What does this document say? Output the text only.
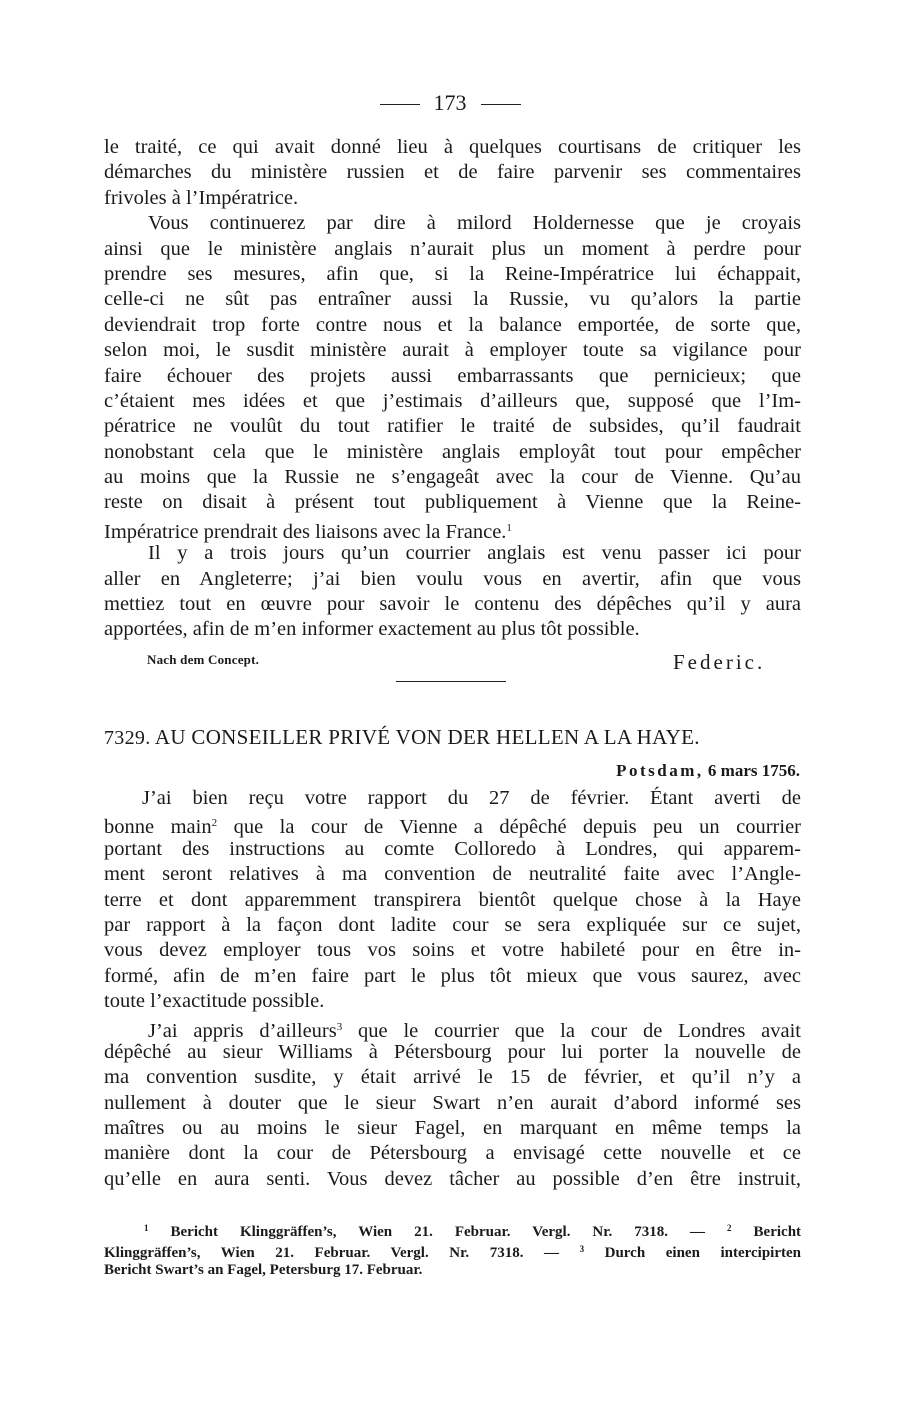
173
le traité, ce qui avait donné lieu à quelques courtisans de critiquer les
démarches du ministère russien et de faire parvenir ses commentaires
frivoles à l’Impératrice.
Vous continuerez par dire à milord Holdernesse que je croyais
ainsi que le ministère anglais n’aurait plus un moment à perdre pour
prendre ses mesures, afin que, si la Reine-Impératrice lui échappait,
celle-ci ne sût pas entraîner aussi la Russie, vu qu’alors la partie
deviendrait trop forte contre nous et la balance emportée, de sorte que,
selon moi, le susdit ministère aurait à employer toute sa vigilance pour
faire échouer des projets aussi embarrassants que pernicieux; que
c’étaient mes idées et que j’estimais d’ailleurs que, supposé que l’Im-
pératrice ne voulût du tout ratifier le traité de subsides, qu’il faudrait
nonobstant cela que le ministère anglais employât tout pour empêcher
au moins que la Russie ne s’engageât avec la cour de Vienne. Qu’au
reste on disait à présent tout publiquement à Vienne que la Reine-
Impératrice prendrait des liaisons avec la France.$^1$
Il y a trois jours qu’un courrier anglais est venu passer ici pour
aller en Angleterre; j’ai bien voulu vous en avertir, afin que vous
mettiez tout en œuvre pour savoir le contenu des dépêches qu’il y aura
apportées, afin de m’en informer exactement au plus tôt possible.
Nach dem Concept.	Federic.
7329. AU CONSEILLER PRIVÉ VON DER HELLEN A LA HAYE.
Potsdam, 6 mars 1756.
J’ai bien reçu votre rapport du 27 de février. Étant averti de
bonne main$^2$ que la cour de Vienne a dépêché depuis peu un courrier
portant des instructions au comte Colloredo à Londres, qui apparem-
ment seront relatives à ma convention de neutralité faite avec l’Angle-
terre et dont apparemment transpirera bientôt quelque chose à la Haye
par rapport à la façon dont ladite cour se sera expliquée sur ce sujet,
vous devez employer tous vos soins et votre habileté pour en être in-
formé, afin de m’en faire part le plus tôt mieux que vous saurez, avec
toute l’exactitude possible.
J’ai appris d’ailleurs$^3$ que le courrier que la cour de Londres avait
dépêché au sieur Williams à Pétersbourg pour lui porter la nouvelle de
ma convention susdite, y était arrivé le 15 de février, et qu’il n’y a
nullement à douter que le sieur Swart n’en aurait d’abord informé ses
maîtres ou au moins le sieur Fagel, en marquant en même temps la
manière dont la cour de Pétersbourg a envisagé cette nouvelle et ce
qu’elle en aura senti. Vous devez tâcher au possible d’en être instruit,
$^1$ Bericht Klinggräffen’s, Wien 21. Februar. Vergl. Nr. 7318. — $^2$ Bericht
Klinggräffen’s, Wien 21. Februar. Vergl. Nr. 7318. — $^3$ Durch einen intercipirten
Bericht Swart’s an Fagel, Petersburg 17. Februar.
